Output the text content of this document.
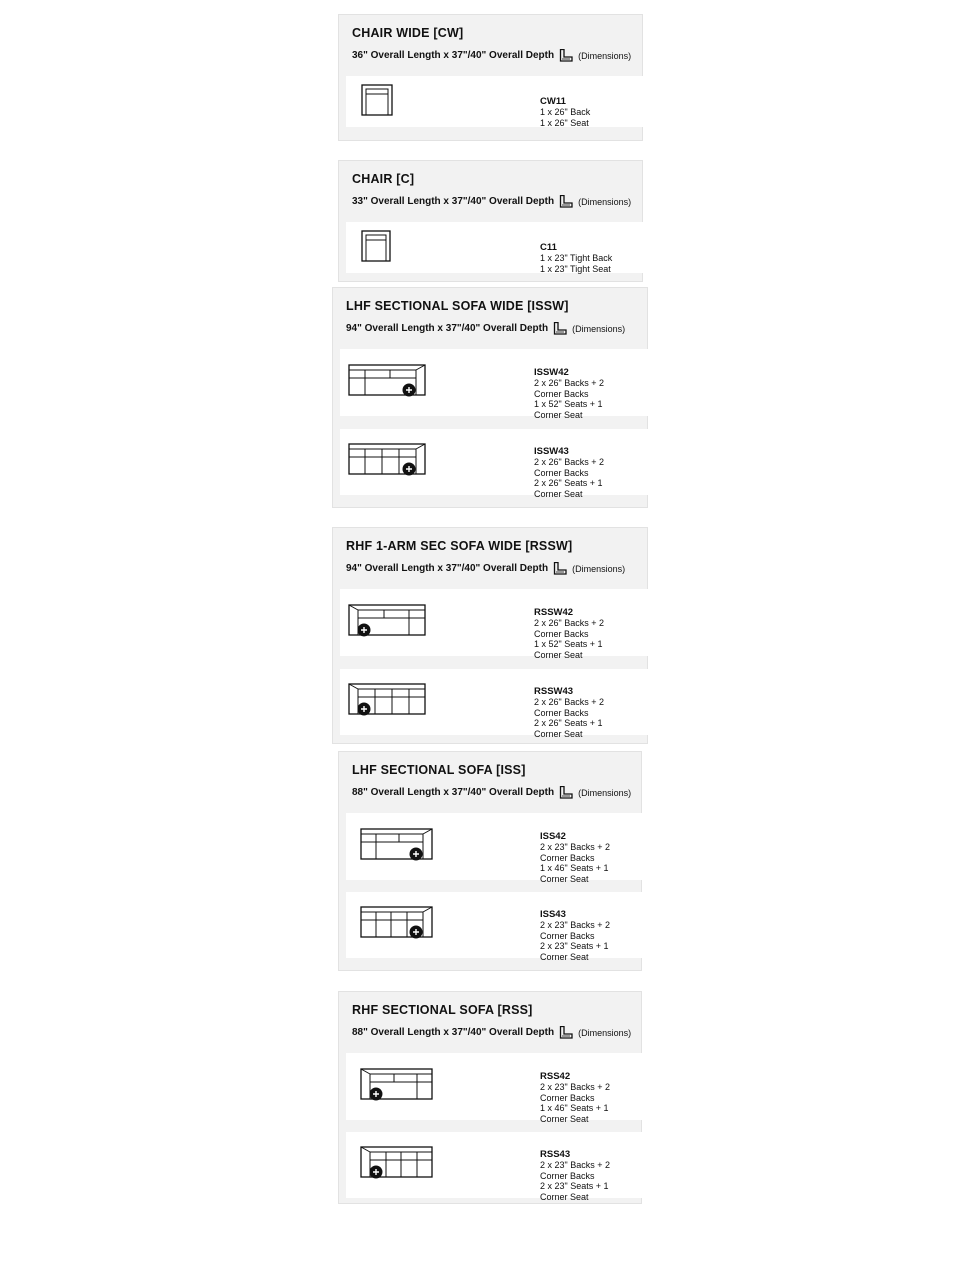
CHAIR WIDE [CW]
36" Overall Length x 37"/40" Overall Depth	(Dimensions)

CW11
1 x 26" Back
1 x 26" Seat

CHAIR [C]
33" Overall Length x 37"/40" Overall Depth	(Dimensions)

C11
1 x 23" Tight Back
1 x 23" Tight Seat

LHF SECTIONAL SOFA WIDE [ISSW]
94" Overall Length x 37"/40" Overall Depth	(Dimensions)

ISSW42
2 x 26" Backs + 2
Corner Backs
1 x 52" Seats + 1
Corner Seat

ISSW43
2 x 26" Backs + 2
Corner Backs
2 x 26" Seats + 1
Corner Seat

RHF 1-ARM SEC SOFA WIDE [RSSW]
94" Overall Length x 37"/40" Overall Depth	(Dimensions)

RSSW42
2 x 26" Backs + 2
Corner Backs
1 x 52" Seats + 1
Corner Seat

RSSW43
2 x 26" Backs + 2
Corner Backs
2 x 26" Seats + 1
Corner Seat

LHF SECTIONAL SOFA [ISS]
88" Overall Length x 37"/40" Overall Depth	(Dimensions)

ISS42
2 x 23" Backs + 2
Corner Backs
1 x 46" Seats + 1
Corner Seat

ISS43
2 x 23" Backs + 2
Corner Backs
2 x 23" Seats + 1
Corner Seat

RHF SECTIONAL SOFA [RSS]
88" Overall Length x 37"/40" Overall Depth	(Dimensions)

RSS42
2 x 23" Backs + 2
Corner Backs
1 x 46" Seats + 1
Corner Seat

RSS43
2 x 23" Backs + 2
Corner Backs
2 x 23" Seats + 1
Corner Seat
